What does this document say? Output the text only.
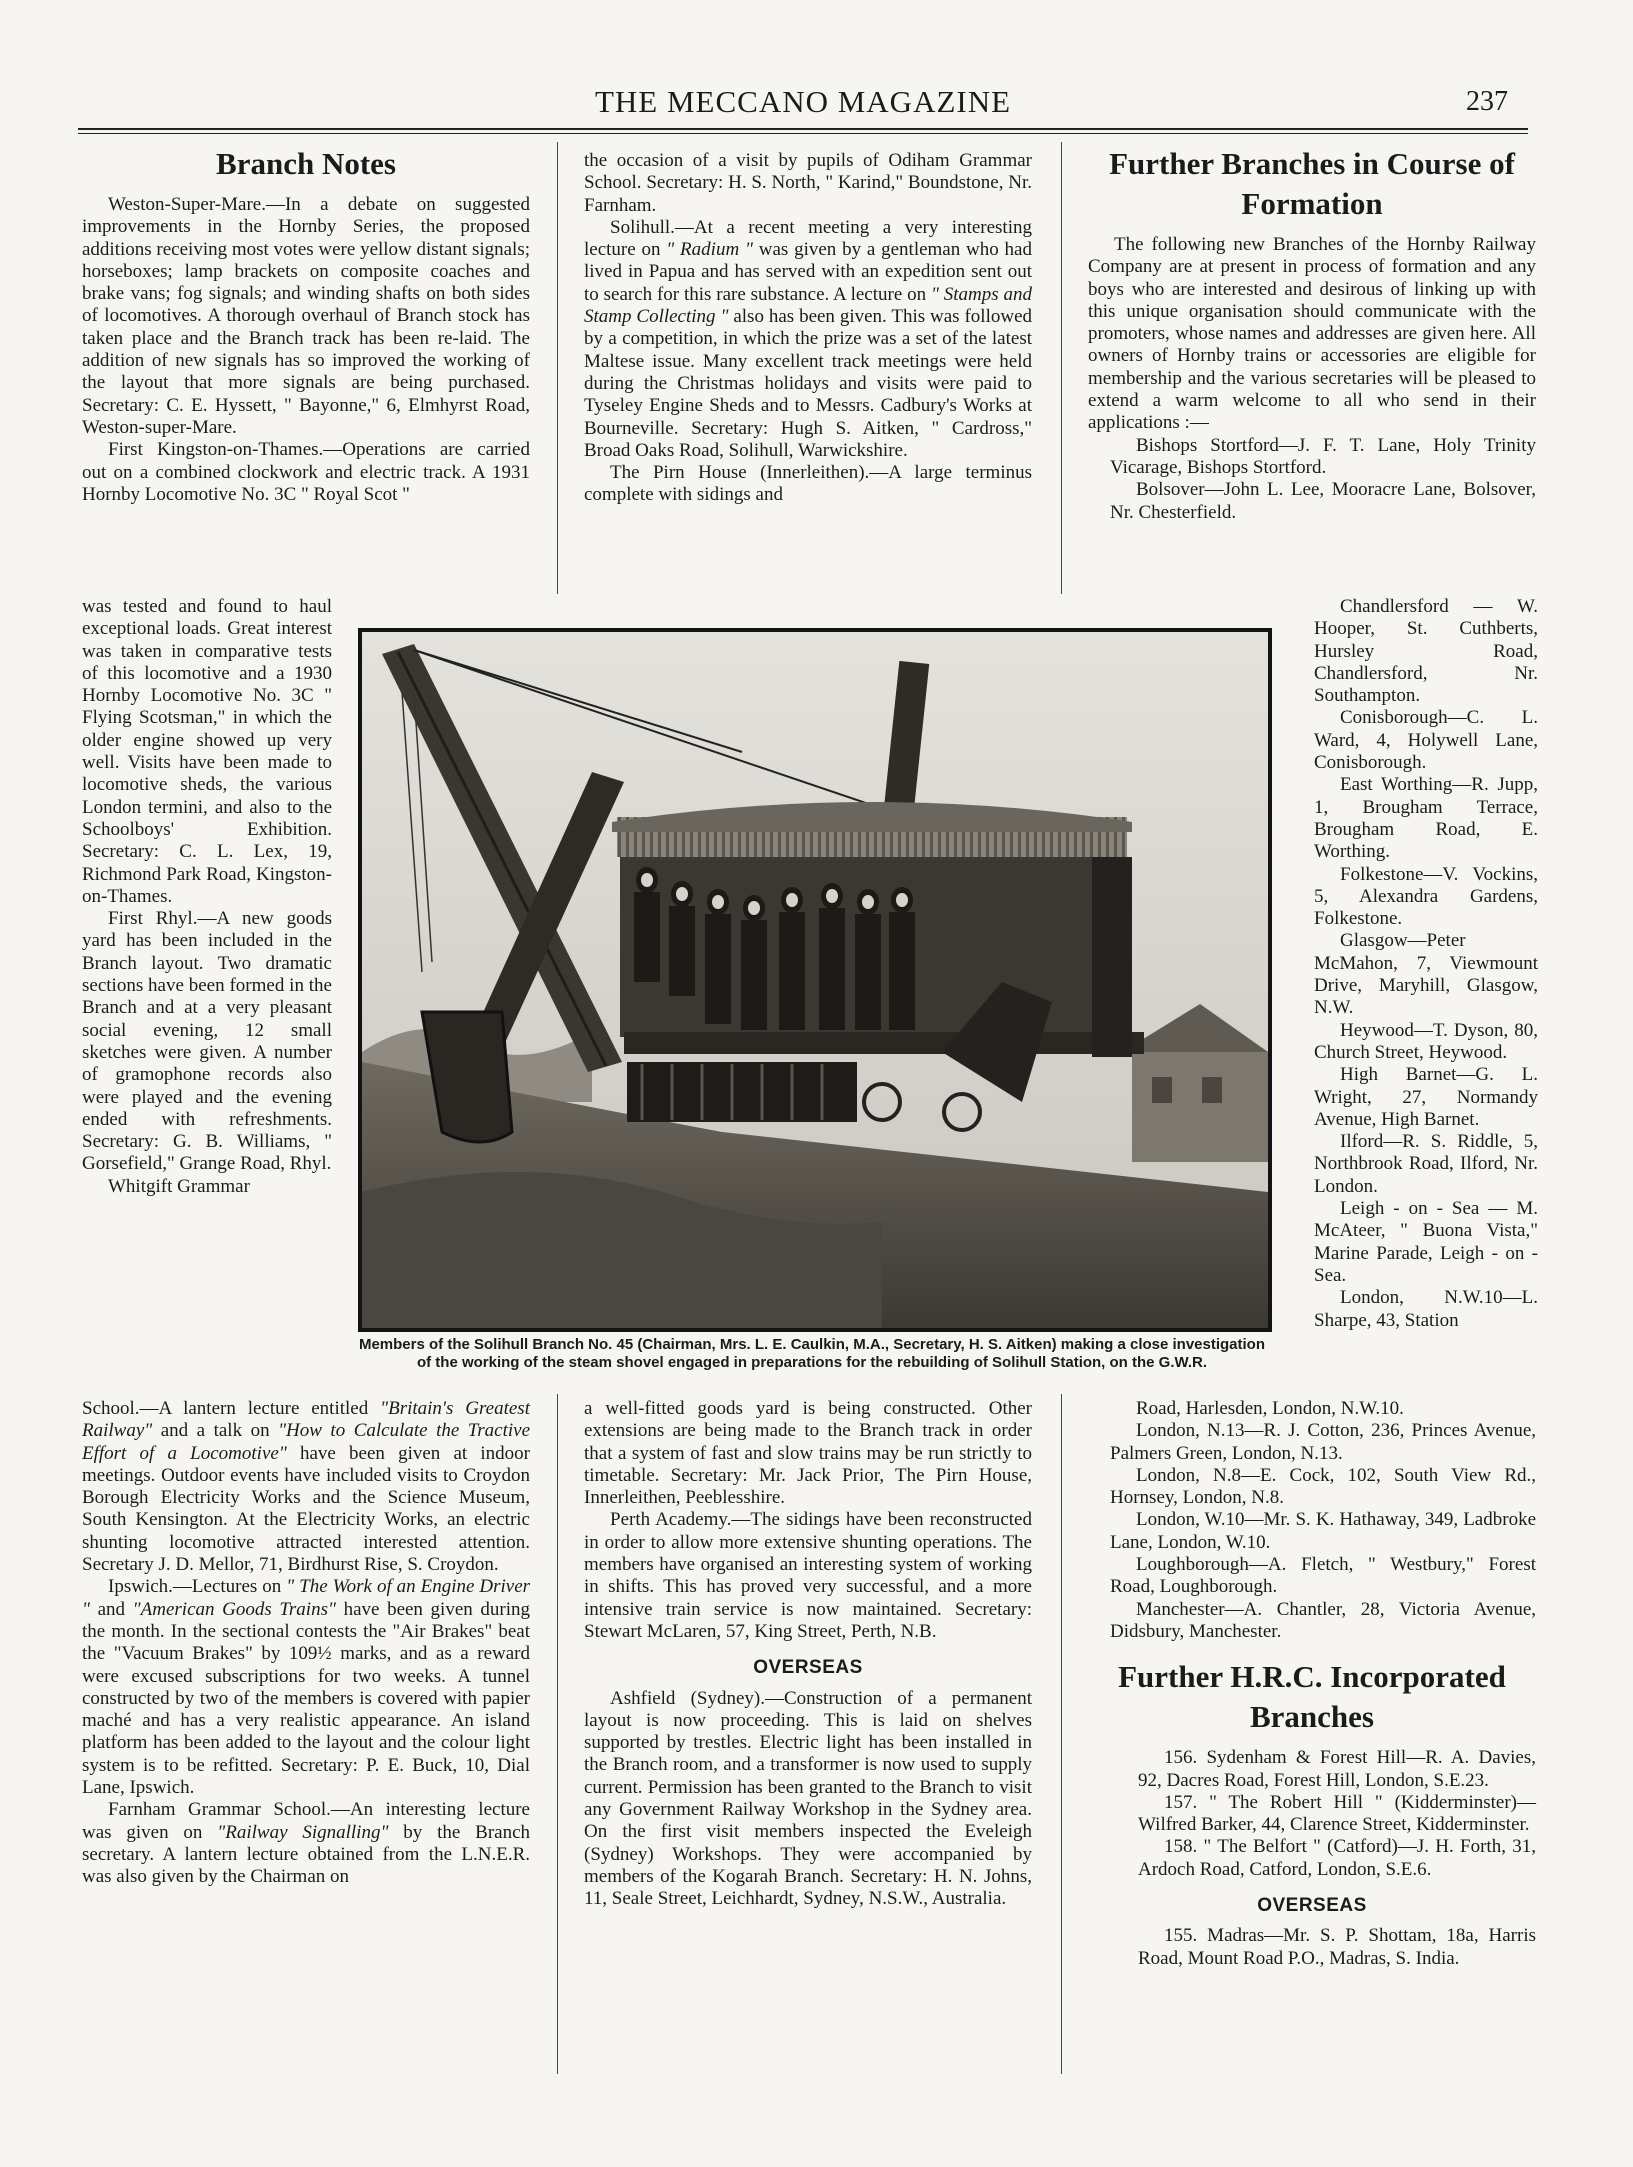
THE MECCANO MAGAZINE	237
Branch Notes

Weston-Super-Mare.—In a debate on suggested improvements in the Hornby Series, the proposed additions receiving most votes were yellow distant signals; horseboxes; lamp brackets on composite coaches and brake vans; fog signals; and winding shafts on both sides of locomotives. A thorough overhaul of Branch stock has taken place and the Branch track has been re-laid. The addition of new signals has so improved the working of the layout that more signals are being purchased. Secretary: C. E. Hyssett, " Bayonne," 6, Elmhyrst Road, Weston-super-Mare.

First Kingston-on-Thames.—Operations are carried out on a combined clockwork and electric track. A 1931 Hornby Locomotive No. 3C " Royal Scot "

was tested and found to haul exceptional loads. Great interest was taken in comparative tests of this locomotive and a 1930 Hornby Locomotive No. 3C " Flying Scotsman," in which the older engine showed up very well. Visits have been made to locomotive sheds, the various London termini, and also to the Schoolboys' Exhibition. Secretary: C. L. Lex, 19, Richmond Park Road, Kingston-on-Thames.

First Rhyl.—A new goods yard has been included in the Branch layout. Two dramatic sections have been formed in the Branch and at a very pleasant social evening, 12 small sketches were given. A number of gramophone records also were played and the evening ended with refreshments. Secretary: G. B. Williams, " Gorsefield," Grange Road, Rhyl.

Whitgift Grammar

School.—A lantern lecture entitled "Britain's Greatest Railway" and a talk on "How to Calculate the Tractive Effort of a Locomotive" have been given at indoor meetings. Outdoor events have included visits to Croydon Borough Electricity Works and the Science Museum, South Kensington. At the Electricity Works, an electric shunting locomotive attracted interested attention. Secretary J. D. Mellor, 71, Birdhurst Rise, S. Croydon.

Ipswich.—Lectures on " The Work of an Engine Driver " and "American Goods Trains" have been given during the month. In the sectional contests the "Air Brakes" beat the "Vacuum Brakes" by 109½ marks, and as a reward were excused subscriptions for two weeks. A tunnel constructed by two of the members is covered with papier maché and has a very realistic appearance. An island platform has been added to the layout and the colour light system is to be refitted. Secretary: P. E. Buck, 10, Dial Lane, Ipswich.

Farnham Grammar School.—An interesting lecture was given on "Railway Signalling" by the Branch secretary. A lantern lecture obtained from the L.N.E.R. was also given by the Chairman on

the occasion of a visit by pupils of Odiham Grammar School. Secretary: H. S. North, " Karind," Boundstone, Nr. Farnham.

Solihull.—At a recent meeting a very interesting lecture on " Radium " was given by a gentleman who had lived in Papua and has served with an expedition sent out to search for this rare substance. A lecture on " Stamps and Stamp Collecting " also has been given. This was followed by a competition, in which the prize was a set of the latest Maltese issue. Many excellent track meetings were held during the Christmas holidays and visits were paid to Tyseley Engine Sheds and to Messrs. Cadbury's Works at Bourneville. Secretary: Hugh S. Aitken, " Cardross," Broad Oaks Road, Solihull, Warwickshire.

The Pirn House (Innerleithen).—A large terminus complete with sidings and

a well-fitted goods yard is being constructed. Other extensions are being made to the Branch track in order that a system of fast and slow trains may be run strictly to timetable. Secretary: Mr. Jack Prior, The Pirn House, Innerleithen, Peeblesshire.

Perth Academy.—The sidings have been reconstructed in order to allow more extensive shunting operations. The members have organised an interesting system of working in shifts. This has proved very successful, and a more intensive train service is now maintained. Secretary: Stewart McLaren, 57, King Street, Perth, N.B.

OVERSEAS

Ashfield (Sydney).—Construction of a permanent layout is now proceeding. This is laid on shelves supported by trestles. Electric light has been installed in the Branch room, and a transformer is now used to supply current. Permission has been granted to the Branch to visit any Government Railway Workshop in the Sydney area. On the first visit members inspected the Eveleigh (Sydney) Workshops. They were accompanied by members of the Kogarah Branch. Secretary: H. N. Johns, 11, Seale Street, Leichhardt, Sydney, N.S.W., Australia.

Further Branches in Course of Formation

The following new Branches of the Hornby Railway Company are at present in process of formation and any boys who are interested and desirous of linking up with this unique organisation should communicate with the promoters, whose names and addresses are given here. All owners of Hornby trains or accessories are eligible for membership and the various secretaries will be pleased to extend a warm welcome to all who send in their applications :—

Bishops Stortford—J. F. T. Lane, Holy Trinity Vicarage, Bishops Stortford.

Bolsover—John L. Lee, Mooracre Lane, Bolsover, Nr. Chesterfield.

Chandlersford — W. Hooper, St. Cuthberts, Hursley Road, Chandlersford, Nr. Southampton.

Conisborough—C. L. Ward, 4, Holywell Lane, Conisborough.

East Worthing—R. Jupp, 1, Brougham Terrace, Brougham Road, E. Worthing.

Folkestone—V. Vockins, 5, Alexandra Gardens, Folkestone.

Glasgow—Peter McMahon, 7, Viewmount Drive, Maryhill, Glasgow, N.W.

Heywood—T. Dyson, 80, Church Street, Heywood.

High Barnet—G. L. Wright, 27, Normandy Avenue, High Barnet.

Ilford—R. S. Riddle, 5, Northbrook Road, Ilford, Nr. London.

Leigh - on - Sea — M. McAteer, " Buona Vista," Marine Parade, Leigh - on - Sea.

London, N.W.10—L. Sharpe, 43, Station

Road, Harlesden, London, N.W.10.

London, N.13—R. J. Cotton, 236, Princes Avenue, Palmers Green, London, N.13.

London, N.8—E. Cock, 102, South View Rd., Hornsey, London, N.8.

London, W.10—Mr. S. K. Hathaway, 349, Ladbroke Lane, London, W.10.

Loughborough—A. Fletch, " Westbury," Forest Road, Loughborough.

Manchester—A. Chantler, 28, Victoria Avenue, Didsbury, Manchester.

Further H.R.C. Incorporated Branches

156. Sydenham & Forest Hill—R. A. Davies, 92, Dacres Road, Forest Hill, London, S.E.23.

157. " The Robert Hill " (Kidderminster)—Wilfred Barker, 44, Clarence Street, Kidderminster.

158. " The Belfort " (Catford)—J. H. Forth, 31, Ardoch Road, Catford, London, S.E.6.

OVERSEAS

155. Madras—Mr. S. P. Shottam, 18a, Harris Road, Mount Road P.O., Madras, S. India.

Members of the Solihull Branch No. 45 (Chairman, Mrs. L. E. Caulkin, M.A., Secretary, H. S. Aitken) making a close investigation of the working of the steam shovel engaged in preparations for the rebuilding of Solihull Station, on the G.W.R.
